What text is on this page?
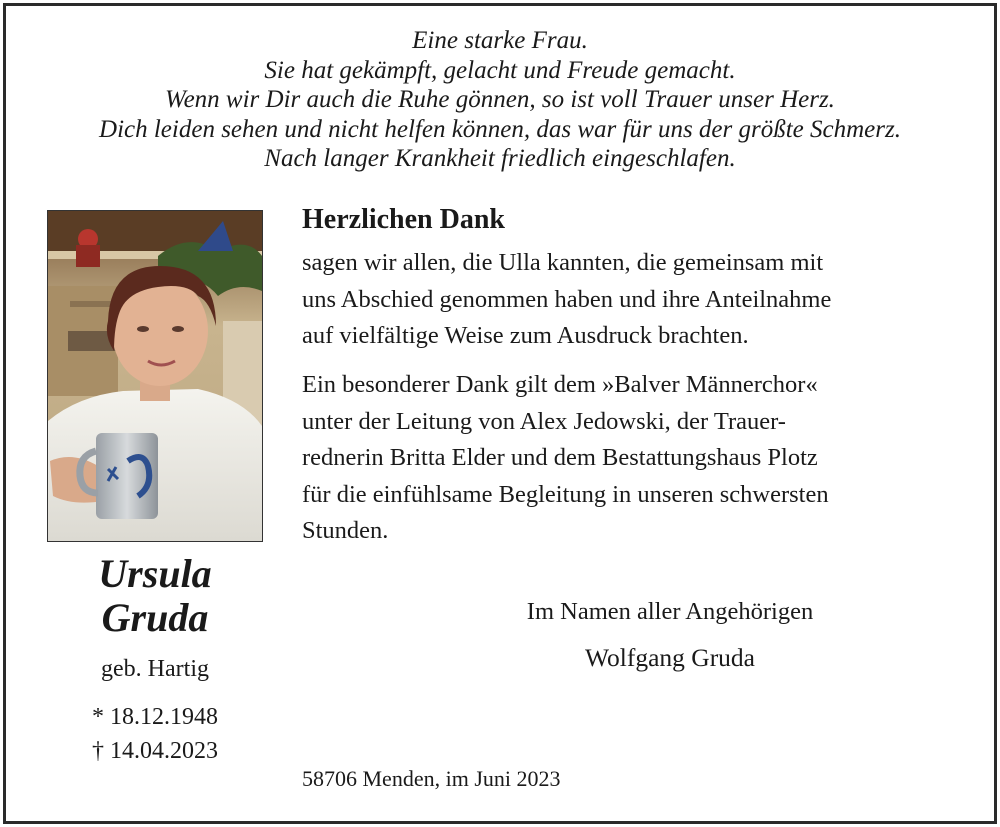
Eine starke Frau.
Sie hat gekämpft, gelacht und Freude gemacht.
Wenn wir Dir auch die Ruhe gönnen, so ist voll Trauer unser Herz.
Dich leiden sehen und nicht helfen können, das war für uns der größte Schmerz.
Nach langer Krankheit friedlich eingeschlafen.
Ursula
Gruda
geb. Hartig
* 18.12.1948
† 14.04.2023
Herzlichen Dank
sagen wir allen, die Ulla kannten, die gemeinsam mit
uns Abschied genommen haben und ihre Anteilnahme
auf vielfältige Weise zum Ausdruck brachten.
Ein besonderer Dank gilt dem »Balver Männerchor«
unter der Leitung von Alex Jedowski, der Trauer-
rednerin Britta Elder und dem Bestattungshaus Plotz
für die einfühlsame Begleitung in unseren schwersten
Stunden.
Im Namen aller Angehörigen
Wolfgang Gruda
58706 Menden, im Juni 2023
